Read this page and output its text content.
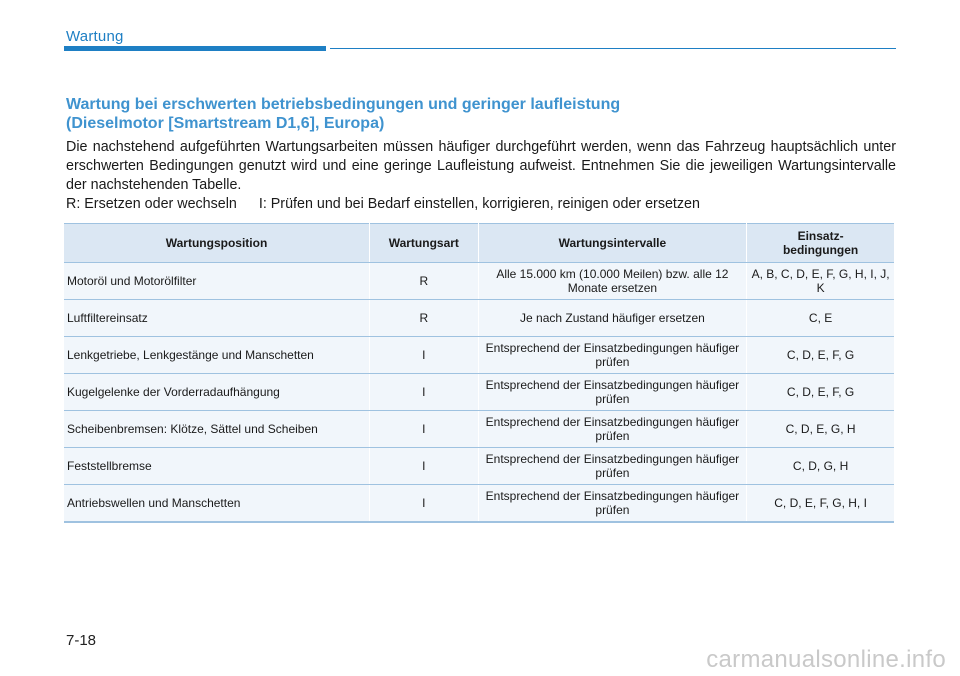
Wartung
Wartung bei erschwerten betriebsbedingungen und geringer laufleistung
(Dieselmotor [Smartstream D1,6], Europa)

Die nachstehend aufgeführten Wartungsarbeiten müssen häufiger durchgeführt werden, wenn das Fahrzeug hauptsächlich unter erschwerten Bedingungen genutzt wird und eine geringe Laufleistung aufweist. Entnehmen Sie die jeweiligen Wartungsintervalle der nachstehenden Tabelle.

R: Ersetzen oder wechseln I: Prüfen und bei Bedarf einstellen, korrigieren, reinigen oder ersetzen
Wartungsposition	Wartungsart	Wartungsintervalle	Einsatz-
bedingungen
Motoröl und Motorölfilter	R	Alle 15.000 km (10.000 Meilen) bzw. alle 12 Monate ersetzen	A, B, C, D, E, F, G, H, I, J, K
Luftfiltereinsatz	R	Je nach Zustand häufiger ersetzen	C, E
Lenkgetriebe, Lenkgestänge und Manschetten	I	Entsprechend der Einsatzbedingungen häufiger prüfen	C, D, E, F, G
Kugelgelenke der Vorderradaufhängung	I	Entsprechend der Einsatzbedingungen häufiger prüfen	C, D, E, F, G
Scheibenbremsen: Klötze, Sättel und Scheiben	I	Entsprechend der Einsatzbedingungen häufiger prüfen	C, D, E, G, H
Feststellbremse	I	Entsprechend der Einsatzbedingungen häufiger prüfen	C, D, G, H
Antriebswellen und Manschetten	I	Entsprechend der Einsatzbedingungen häufiger prüfen	C, D, E, F, G, H, I
7-18
carmanualsonline.info
